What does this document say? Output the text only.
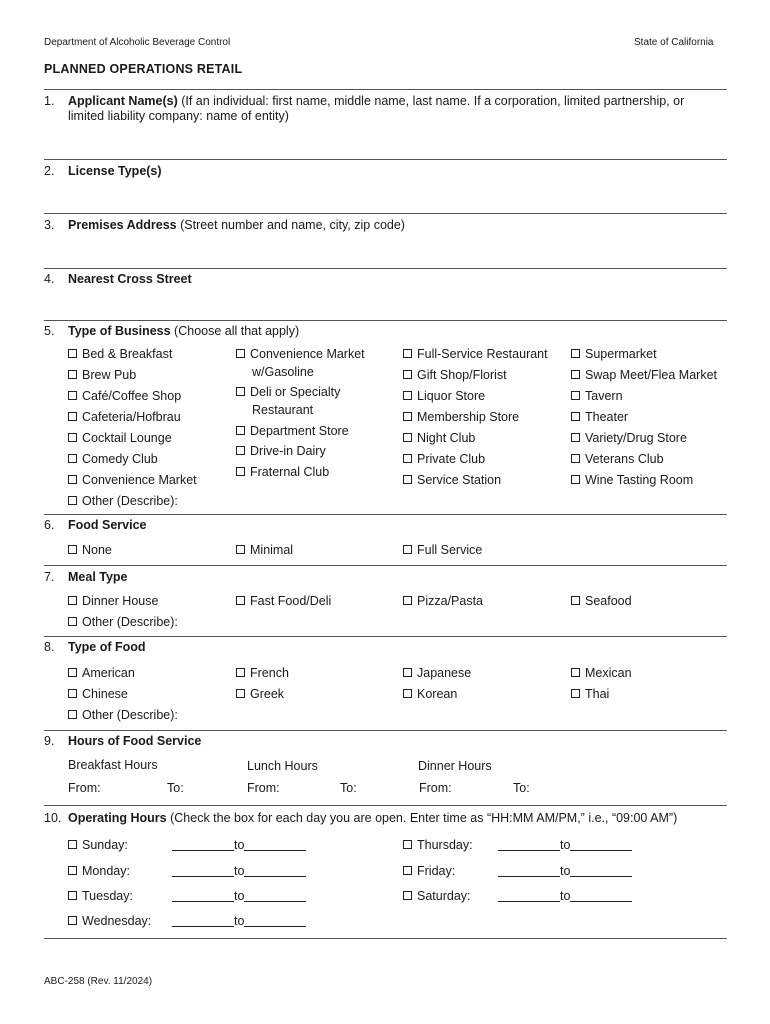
Department of Alcoholic Beverage Control	State of California
PLANNED OPERATIONS RETAIL
1. Applicant Name(s) (If an individual: first name, middle name, last name. If a corporation, limited partnership, or
limited liability company: name of entity)
2. License Type(s)
3. Premises Address (Street number and name, city, zip code)
4. Nearest Cross Street
5. Type of Business (Choose all that apply)
Bed & Breakfast
Brew Pub
Café/Coffee Shop
Cafeteria/Hofbrau
Cocktail Lounge
Comedy Club
Convenience Market
Other (Describe):
Convenience Market
w/Gasoline
Deli or Specialty
Restaurant
Department Store
Drive-in Dairy
Fraternal Club
Full-Service Restaurant
Gift Shop/Florist
Liquor Store
Membership Store
Night Club
Private Club
Service Station
Supermarket
Swap Meet/Flea Market
Tavern
Theater
Variety/Drug Store
Veterans Club
Wine Tasting Room
6. Food Service
None	Minimal	Full Service
7. Meal Type
Dinner House	Fast Food/Deli	Pizza/Pasta	Seafood
Other (Describe):
8. Type of Food
American	French	Japanese	Mexican
Chinese	Greek	Korean	Thai
Other (Describe):
9. Hours of Food Service
Breakfast Hours	Lunch Hours	Dinner Hours
From:	To:	From:	To:	From:	To:
10. Operating Hours (Check the box for each day you are open. Enter time as “HH:MM AM/PM,” i.e., “09:00 AM”)
Sunday:	to
Monday:	to
Tuesday:	to
Wednesday:	to
Thursday:	to
Friday:	to
Saturday:	to
ABC-258 (Rev. 11/2024)
